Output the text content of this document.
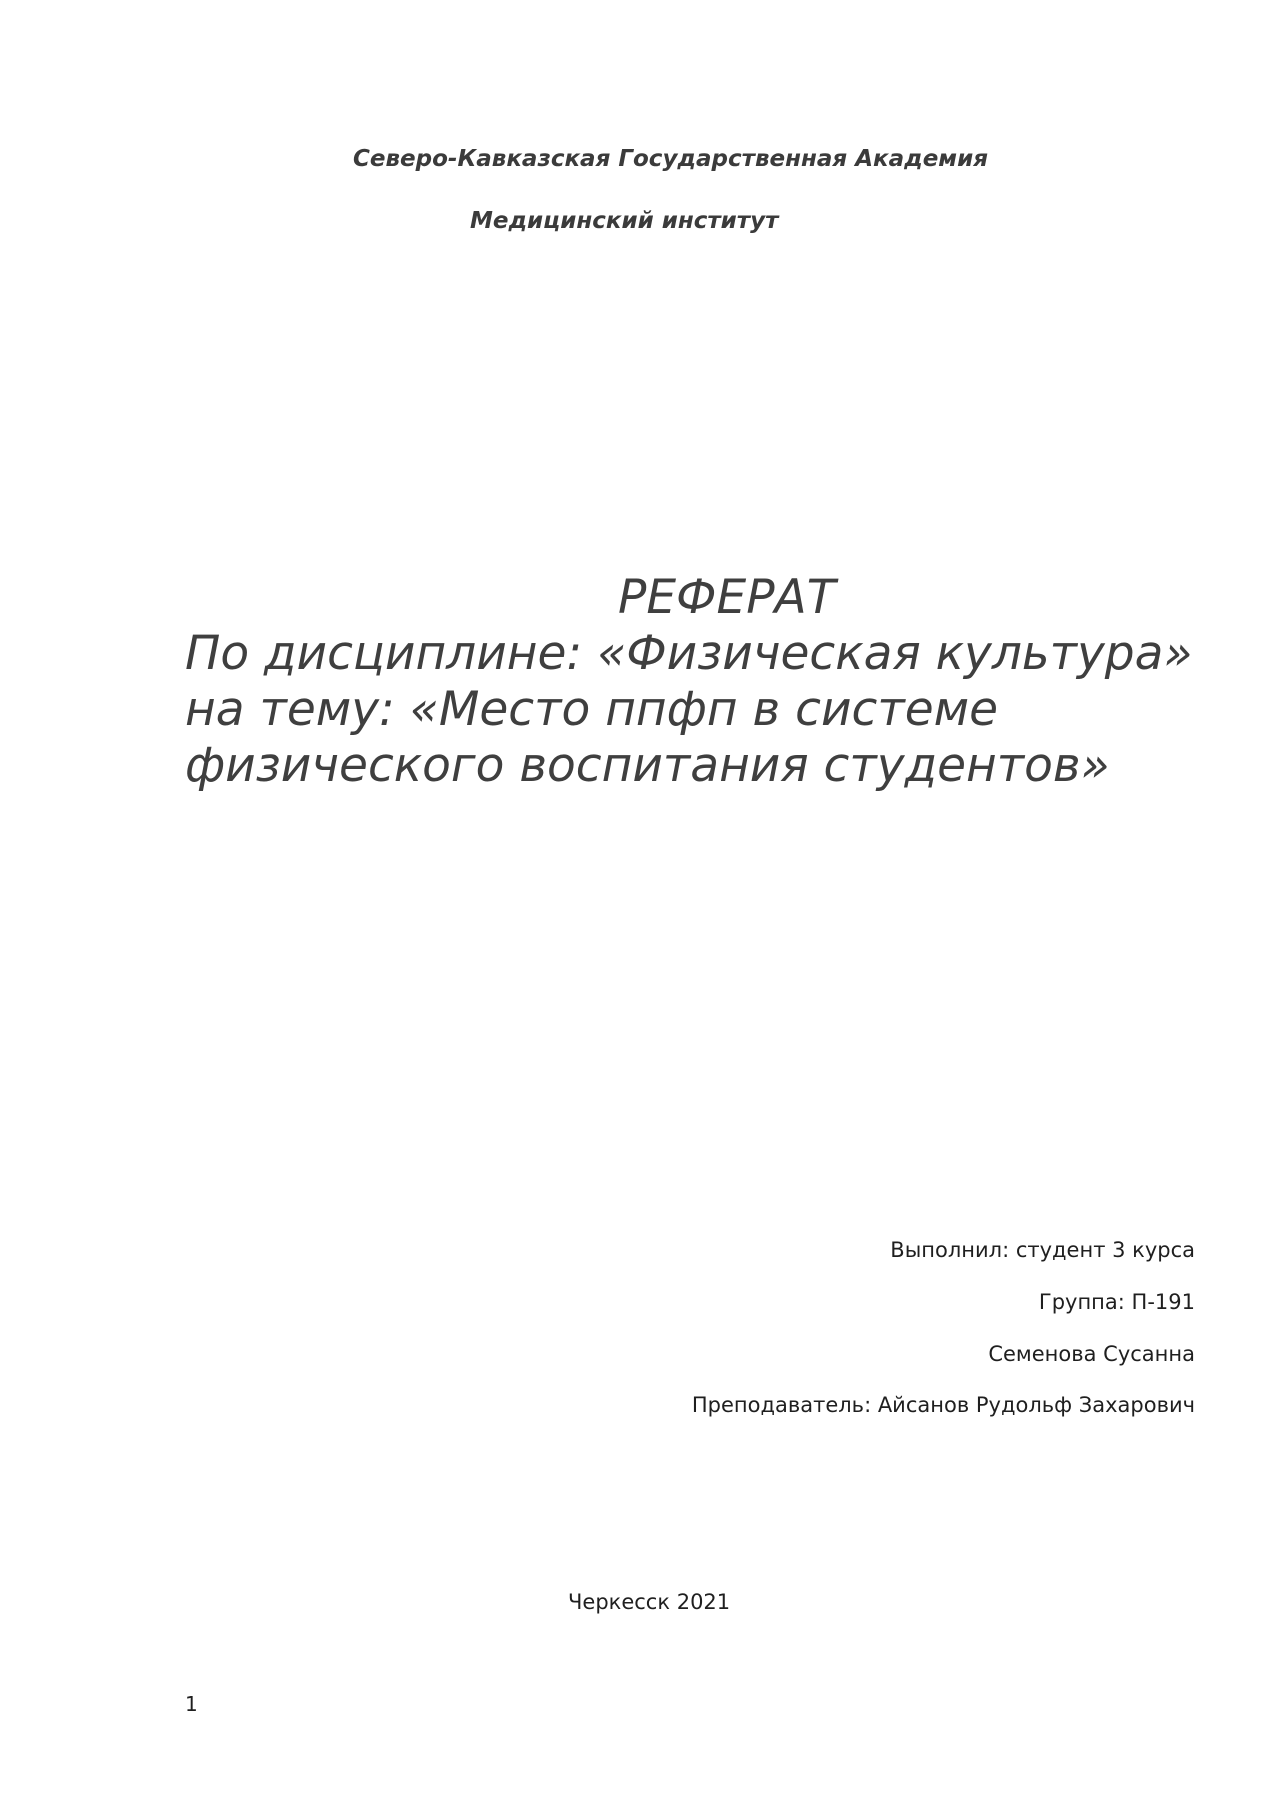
Северо-Кавказская Государственная Академия
Медицинский институт
РЕФЕРАТ
По дисциплине: «Физическая культура»
на тему: «Место ппфп в системе
физического воспитания студентов»
Выполнил: студент 3 курса
Группа: П-191
Семенова Сусанна
Преподаватель: Айсанов Рудольф Захарович
Черкесск 2021
1
